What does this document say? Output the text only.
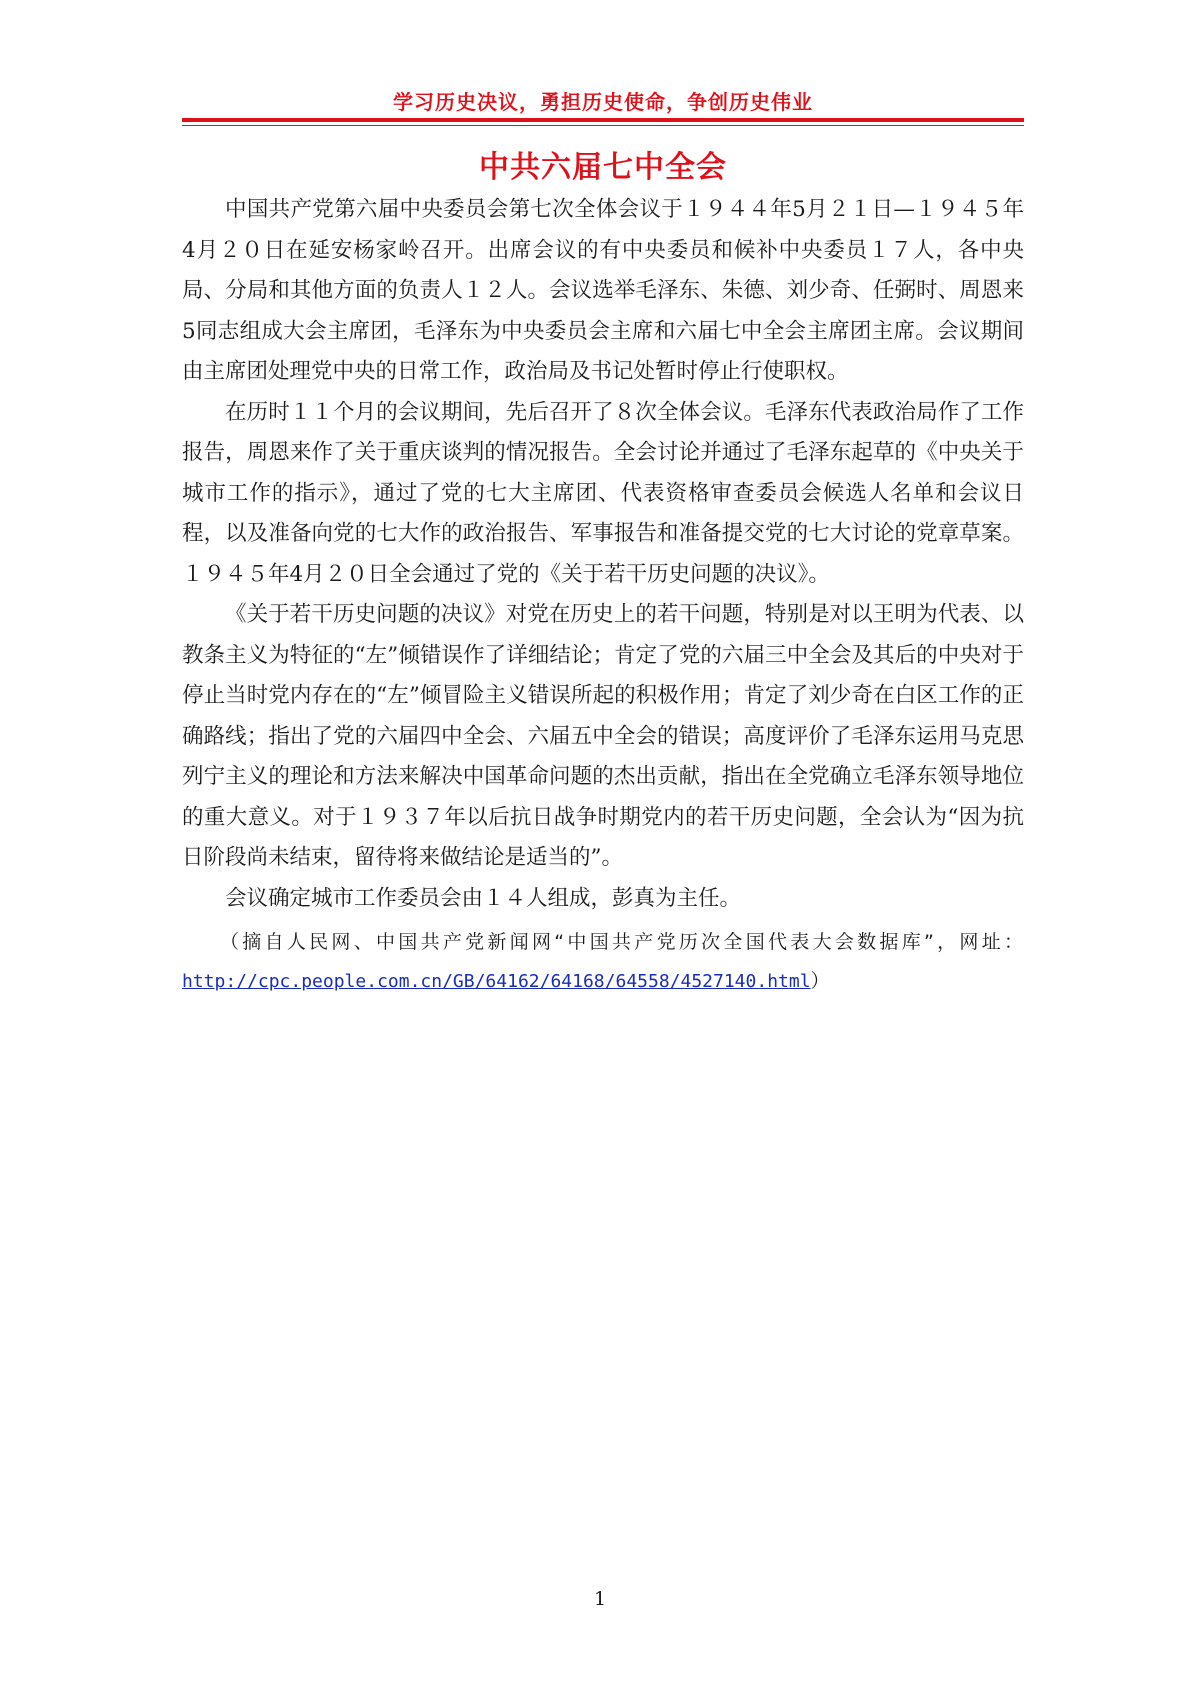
学习历史决议，勇担历史使命，争创历史伟业
中共六届七中全会

中国共产党第六届中央委员会第七次全体会议于１９４４年5月２１日—１９４５年4月２０日在延安杨家岭召开。出席会议的有中央委员和候补中央委员１７人，各中央局、分局和其他方面的负责人１２人。会议选举毛泽东、朱德、刘少奇、任弼时、周恩来5同志组成大会主席团，毛泽东为中央委员会主席和六届七中全会主席团主席。会议期间由主席团处理党中央的日常工作，政治局及书记处暂时停止行使职权。

在历时１１个月的会议期间，先后召开了８次全体会议。毛泽东代表政治局作了工作报告，周恩来作了关于重庆谈判的情况报告。全会讨论并通过了毛泽东起草的《中央关于城市工作的指示》，通过了党的七大主席团、代表资格审查委员会候选人名单和会议日程，以及准备向党的七大作的政治报告、军事报告和准备提交党的七大讨论的党章草案。１９４５年4月２０日全会通过了党的《关于若干历史问题的决议》。

《关于若干历史问题的决议》对党在历史上的若干问题，特别是对以王明为代表、以教条主义为特征的“左”倾错误作了详细结论；肯定了党的六届三中全会及其后的中央对于停止当时党内存在的“左”倾冒险主义错误所起的积极作用；肯定了刘少奇在白区工作的正确路线；指出了党的六届四中全会、六届五中全会的错误；高度评价了毛泽东运用马克思列宁主义的理论和方法来解决中国革命问题的杰出贡献，指出在全党确立毛泽东领导地位的重大意义。对于１９３７年以后抗日战争时期党内的若干历史问题，全会认为“因为抗日阶段尚未结束，留待将来做结论是适当的”。

会议确定城市工作委员会由１４人组成，彭真为主任。

（摘自人民网、中国共产党新闻网“中国共产党历次全国代表大会数据库”，网址：http://cpc.people.com.cn/GB/64162/64168/64558/4527140.html）

1
